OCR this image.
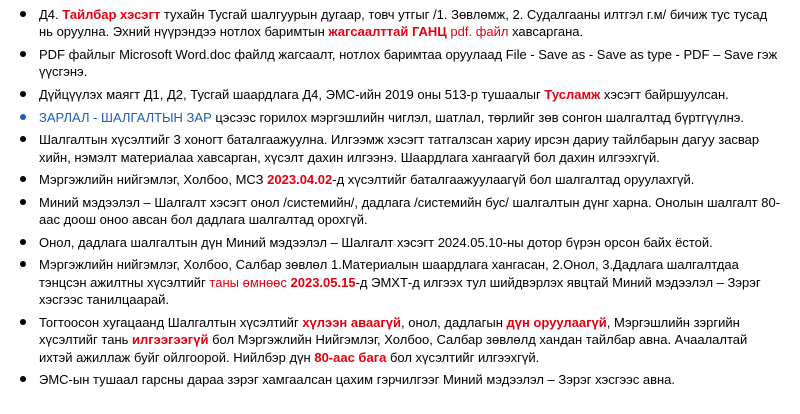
Д4. Тайлбар хэсэгт тухайн Тусгай шалгуурын дугаар, товч утгыг /1. Зөвлөмж, 2. Судалгааны илтгэл г.м/ бичиж тус тусад нь оруулна. Эхний нүүрэндээ нотлох баримтын жагсаалттай ГАНЦ pdf. файл хавсаргана.
PDF файлыг Microsoft Word.doc файлд жагсаалт, нотлох баримтаа оруулаад File - Save as - Save as type - PDF – Save гэж үүсгэнэ.
Дүйцүүлэх маягт Д1, Д2, Тусгай шаардлага Д4, ЭМС-ийн 2019 оны 513-р тушаалыг Тусламж хэсэгт байршуулсан.
ЗАРЛАЛ - ШАЛГАЛТЫН ЗАР цэсээс горилох мэргэшлийн чиглэл, шатлал, төрлийг зөв сонгон шалгалтад бүртгүүлнэ.
Шалгалтын хүсэлтийг 3 хоногт баталгаажуулна. Илгээмж хэсэгт татгалзсан хариу ирсэн дариу тайлбарын дагуу засвар хийн, нэмэлт материалаа хавсарган, хүсэлт дахин илгээнэ. Шаардлага хангаагүй бол дахин илгээхгүй.
Мэргэжлийн нийгэмлэг, Холбоо, МСЗ 2023.04.02-д хүсэлтийг баталгаажуулаагүй бол шалгалтад оруулахгүй.
Миний мэдээлэл – Шалгалт хэсэгт онол /системийн/, дадлага /системийн бус/ шалгалтын дүнг харна. Онолын шалгалт 80-аас доош оноо авсан бол дадлага шалгалтад орохгүй.
Онол, дадлага шалгалтын дүн Миний мэдээлэл – Шалгалт хэсэгт 2024.05.10-ны дотор бүрэн орсон байх ёстой.
Мэргэжлийн нийгэмлэг, Холбоо, Салбар зөвлөл 1.Материалын шаардлага хангасан, 2.Онол, 3.Дадлага шалгалтдаа тэнцсэн ажилтны хүсэлтийг таны өмнөөс 2023.05.15-д ЭМХТ-д илгээх тул шийдвэрлэх явцтай Миний мэдээлэл – Зэрэг хэсгээс танилцаарай.
Тогтоосон хугацаанд Шалгалтын хүсэлтийг хүлээн аваагүй, онол, дадлагын дүн оруулаагүй, Мэргэшлийн зэргийн хүсэлтийг тань илгээгээгүй бол Мэргэжлийн Нийгэмлэг, Холбоо, Салбар зөвлөлд хандан тайлбар авна. Ачаалалтай ихтэй ажиллаж буйг ойлгоорой. Нийлбэр дүн 80-аас бага бол хүсэлтийг илгээхгүй.
ЭМС-ын тушаал гарсны дараа зэрэг хамгаалсан цахим гэрчилгээг Миний мэдээлэл – Зэрэг хэсгээс авна.
